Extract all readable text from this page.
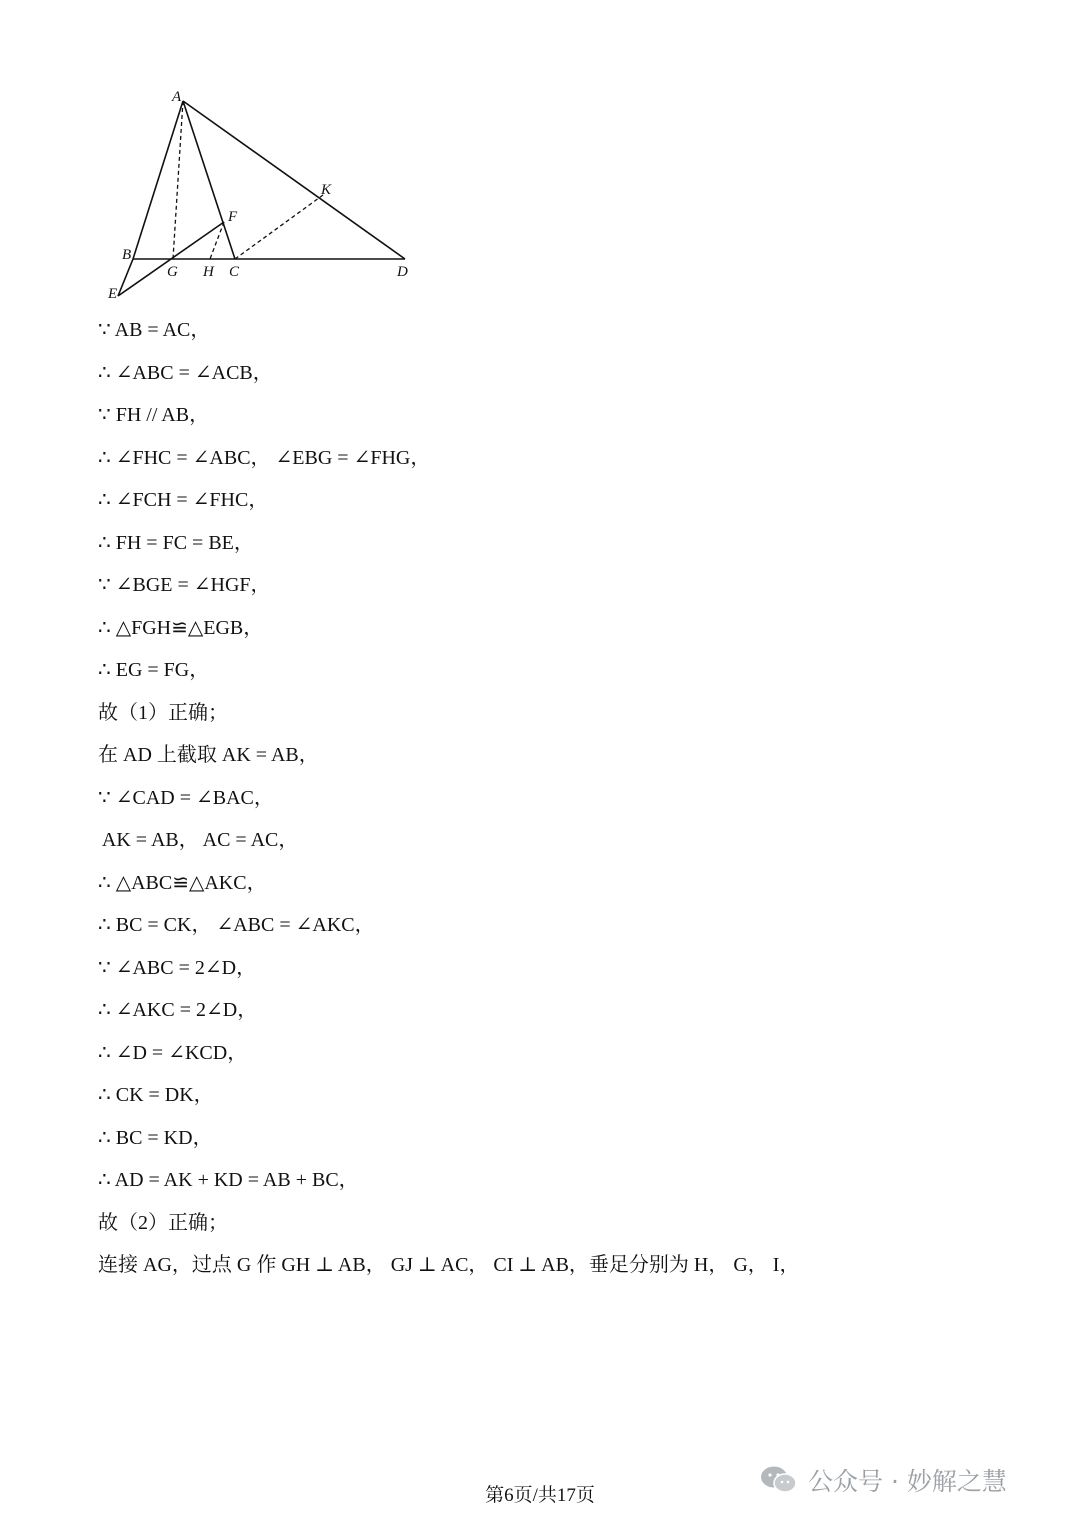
A
B
G H C	D
E
F
K
∵ AB = AC，
∴ ∠ABC = ∠ACB，
∵ FH // AB，
∴ ∠FHC = ∠ABC， ∠EBG = ∠FHG，
∴ ∠FCH = ∠FHC，
∴ FH = FC = BE，
∵ ∠BGE = ∠HGF，
∴ △FGH≌△EGB，
∴ EG = FG，
故（1）正确；
在 AD 上截取 AK = AB，
∵ ∠CAD = ∠BAC，
AK = AB， AC = AC，
∴ △ABC≌△AKC，
∴ BC = CK， ∠ABC = ∠AKC，
∵ ∠ABC = 2∠D，
∴ ∠AKC = 2∠D，
∴ ∠D = ∠KCD，
∴ CK = DK，
∴ BC = KD，
∴ AD = AK + KD = AB + BC，
故（2）正确；
连接 AG，过点 G 作 GH ⊥ AB， GJ ⊥ AC， CI ⊥ AB，垂足分别为 H， G， I，
第6页/共17页	公众号 · 妙解之慧
